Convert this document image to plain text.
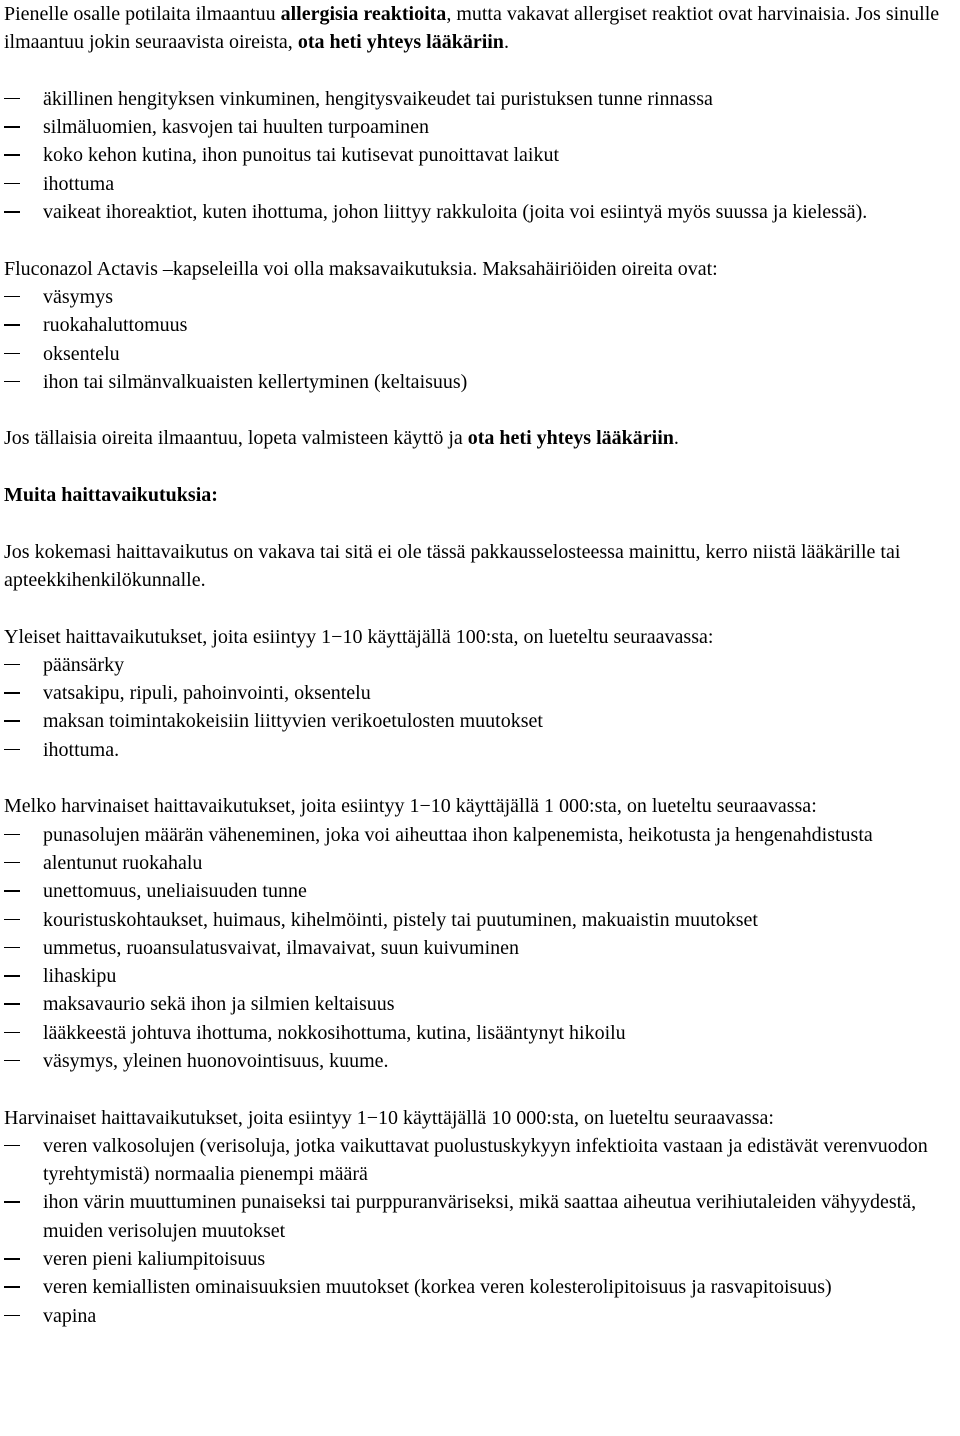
Pienelle osalle potilaita ilmaantuu allergisia reaktioita, mutta vakavat allergiset reaktiot ovat harvinaisia. Jos sinulle ilmaantuu jokin seuraavista oireista, ota heti yhteys lääkäriin.

äkillinen hengityksen vinkuminen, hengitysvaikeudet tai puristuksen tunne rinnassa
silmäluomien, kasvojen tai huulten turpoaminen
koko kehon kutina, ihon punoitus tai kutisevat punoittavat laikut
ihottuma
vaikeat ihoreaktiot, kuten ihottuma, johon liittyy rakkuloita (joita voi esiintyä myös suussa ja kielessä).

Fluconazol Actavis –kapseleilla voi olla maksavaikutuksia. Maksahäiriöiden oireita ovat:

väsymys
ruokahaluttomuus
oksentelu
ihon tai silmänvalkuaisten kellertyminen (keltaisuus)

Jos tällaisia oireita ilmaantuu, lopeta valmisteen käyttö ja ota heti yhteys lääkäriin.

Muita haittavaikutuksia:

Jos kokemasi haittavaikutus on vakava tai sitä ei ole tässä pakkausselosteessa mainittu, kerro niistä lääkärille tai apteekkihenkilökunnalle.

Yleiset haittavaikutukset, joita esiintyy 1−10 käyttäjällä 100:sta, on lueteltu seuraavassa:

päänsärky
vatsakipu, ripuli, pahoinvointi, oksentelu
maksan toimintakokeisiin liittyvien verikoetulosten muutokset
ihottuma.

Melko harvinaiset haittavaikutukset, joita esiintyy 1−10 käyttäjällä 1 000:sta, on lueteltu seuraavassa:

punasolujen määrän väheneminen, joka voi aiheuttaa ihon kalpenemista, heikotusta ja hengenahdistusta
alentunut ruokahalu
unettomuus, uneliaisuuden tunne
kouristuskohtaukset, huimaus, kihelmöinti, pistely tai puutuminen, makuaistin muutokset
ummetus, ruoansulatusvaivat, ilmavaivat, suun kuivuminen
lihaskipu
maksavaurio sekä ihon ja silmien keltaisuus
lääkkeestä johtuva ihottuma, nokkosihottuma, kutina, lisääntynyt hikoilu
väsymys, yleinen huonovointisuus, kuume.

Harvinaiset haittavaikutukset, joita esiintyy 1−10 käyttäjällä 10 000:sta, on lueteltu seuraavassa:

veren valkosolujen (verisoluja, jotka vaikuttavat puolustuskykyyn infektioita vastaan ja edistävät verenvuodon tyrehtymistä) normaalia pienempi määrä
ihon värin muuttuminen punaiseksi tai purppuranväriseksi, mikä saattaa aiheutua verihiutaleiden vähyydestä, muiden verisolujen muutokset
veren pieni kaliumpitoisuus
veren kemiallisten ominaisuuksien muutokset (korkea veren kolesterolipitoisuus ja rasvapitoisuus)
vapina
